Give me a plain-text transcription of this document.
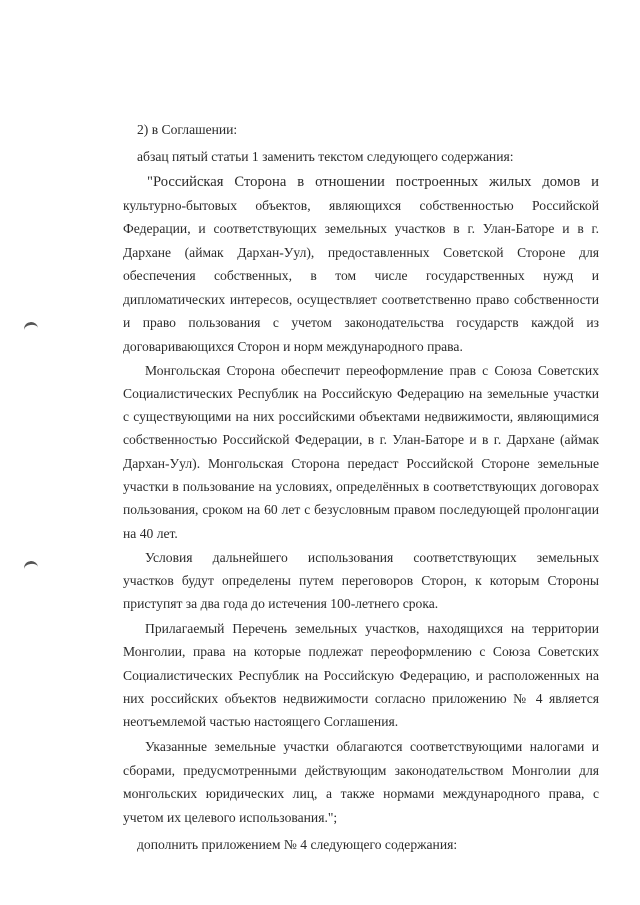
2) в Соглашении:
абзац пятый статьи 1 заменить текстом следующего содержания:
"Российская Сторона в отношении построенных жилых домов и
культурно-бытовых объектов, являющихся собственностью Российской
Федерации, и соответствующих земельных участков в г. Улан-Баторе и в г.
Дархане (аймак Дархан-Уул), предоставленных Советской Стороне для
обеспечения собственных, в том числе государственных нужд и
дипломатических интересов, осуществляет соответственно право собственности
и право пользования с учетом законодательства государств каждой из
договаривающихся Сторон и норм международного права.
Монгольская Сторона обеспечит переоформление прав с Союза Советских
Социалистических Республик на Российскую Федерацию на земельные участки
с существующими на них российскими объектами недвижимости, являющимися
собственностью Российской Федерации, в г. Улан-Баторе и в г. Дархане (аймак
Дархан-Уул). Монгольская Сторона передаст Российской Стороне земельные
участки в пользование на условиях, определённых в соответствующих договорах
пользования, сроком на 60 лет с безусловным правом последующей пролонгации
на 40 лет.
Условия дальнейшего использования соответствующих земельных
участков будут определены путем переговоров Сторон, к которым Стороны
приступят за два года до истечения 100-летнего срока.
Прилагаемый Перечень земельных участков, находящихся на территории
Монголии, права на которые подлежат переоформлению с Союза Советских
Социалистических Республик на Российскую Федерацию, и расположенных на
них российских объектов недвижимости согласно приложению № 4 является
неотъемлемой частью настоящего Соглашения.
Указанные земельные участки облагаются соответствующими налогами и
сборами, предусмотренными действующим законодательством Монголии для
монгольских юридических лиц, а также нормами международного права, с
учетом их целевого использования.";
дополнить приложением № 4 следующего содержания:
